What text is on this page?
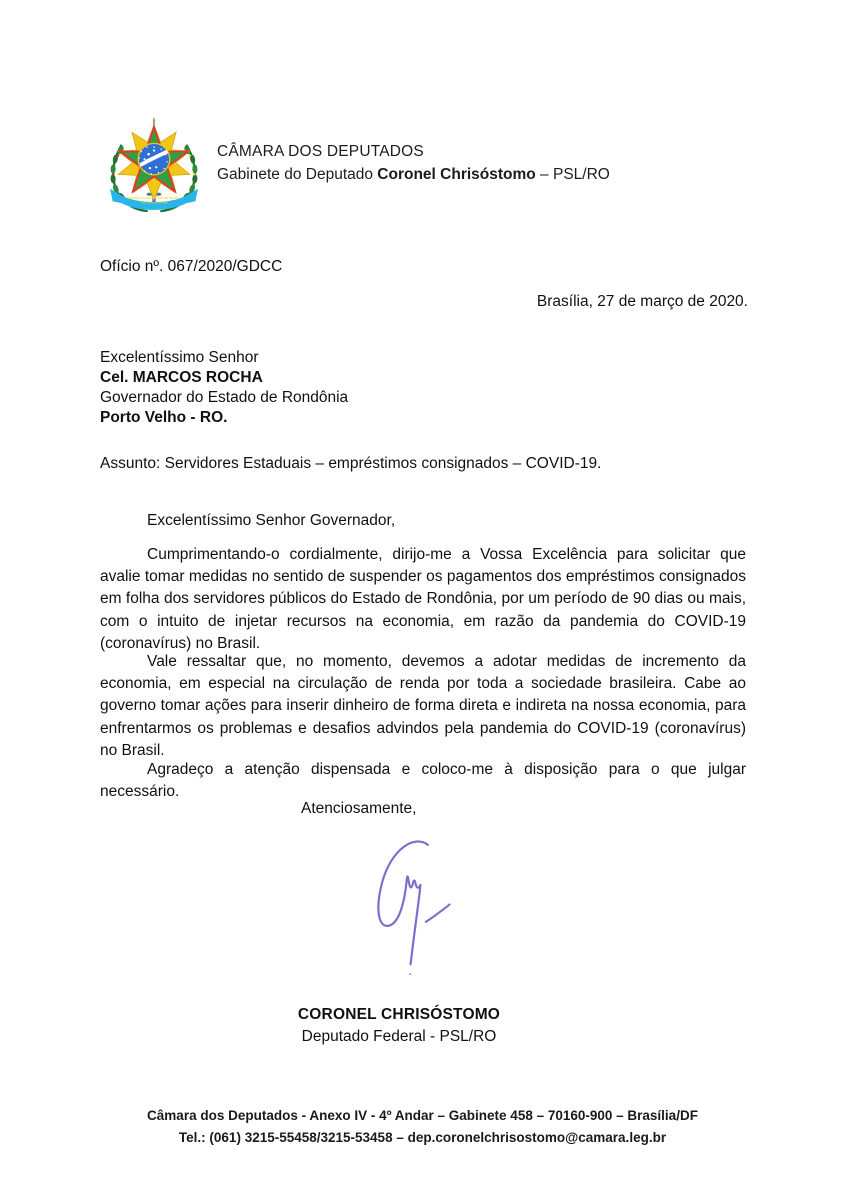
REPÚBLICA FEDERATIVA DO BRASIL
15 de Novembro de 1889
CÂMARA DOS DEPUTADOS
Gabinete do Deputado Coronel Chrisóstomo – PSL/RO
Ofício nº. 067/2020/GDCC
Brasília, 27 de março de 2020.
Excelentíssimo Senhor
Cel. MARCOS ROCHA
Governador do Estado de Rondônia
Porto Velho - RO.
Assunto: Servidores Estaduais – empréstimos consignados – COVID-19.
Excelentíssimo Senhor Governador,

Cumprimentando-o cordialmente, dirijo-me a Vossa Excelência para solicitar que avalie tomar medidas no sentido de suspender os pagamentos dos empréstimos consignados em folha dos servidores públicos do Estado de Rondônia, por um período de 90 dias ou mais, com o intuito de injetar recursos na economia, em razão da pandemia do COVID-19 (coronavírus) no Brasil.

Vale ressaltar que, no momento, devemos a adotar medidas de incremento da economia, em especial na circulação de renda por toda a sociedade brasileira. Cabe ao governo tomar ações para inserir dinheiro de forma direta e indireta na nossa economia, para enfrentarmos os problemas e desafios advindos pela pandemia do COVID-19 (coronavírus) no Brasil.

Agradeço a atenção dispensada e coloco-me à disposição para o que julgar necessário.

Atenciosamente,
CORONEL CHRISÓSTOMO
Deputado Federal - PSL/RO
Câmara dos Deputados - Anexo IV - 4º Andar – Gabinete 458 – 70160-900 – Brasília/DF
Tel.: (061) 3215-55458/3215-53458 – dep.coronelchrisostomo@camara.leg.br
